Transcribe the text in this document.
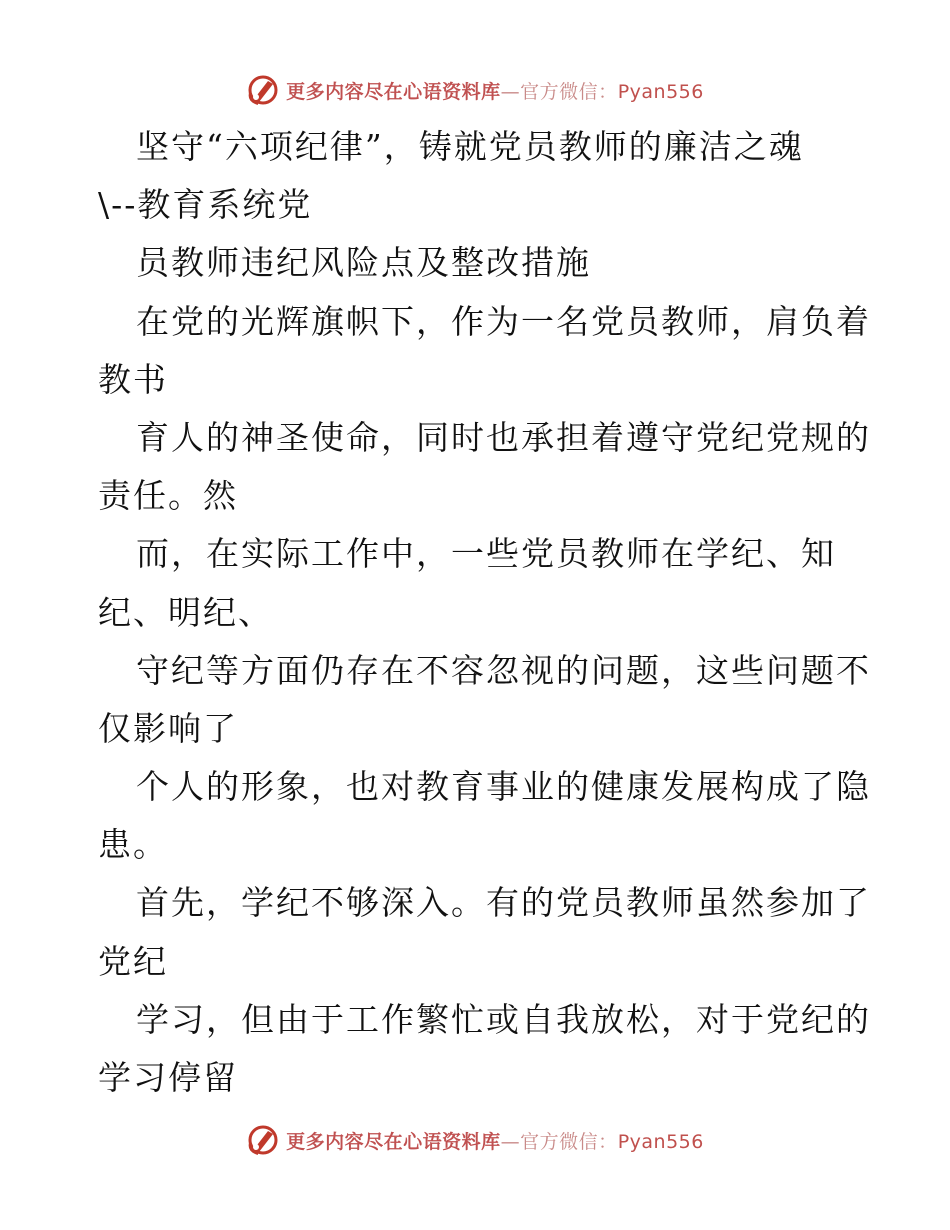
更多内容尽在心语资料库—官方微信：Pyan556
坚守“六项纪律”，铸就党员教师的廉洁之魂
\--教育系统党
员教师违纪风险点及整改措施
在党的光辉旗帜下，作为一名党员教师，肩负着
教书
育人的神圣使命，同时也承担着遵守党纪党规的
责任。然
而，在实际工作中，一些党员教师在学纪、知
纪、明纪、
守纪等方面仍存在不容忽视的问题，这些问题不
仅影响了
个人的形象，也对教育事业的健康发展构成了隐
患。
首先，学纪不够深入。有的党员教师虽然参加了
党纪
学习，但由于工作繁忙或自我放松，对于党纪的
学习停留
更多内容尽在心语资料库—官方微信：Pyan556
